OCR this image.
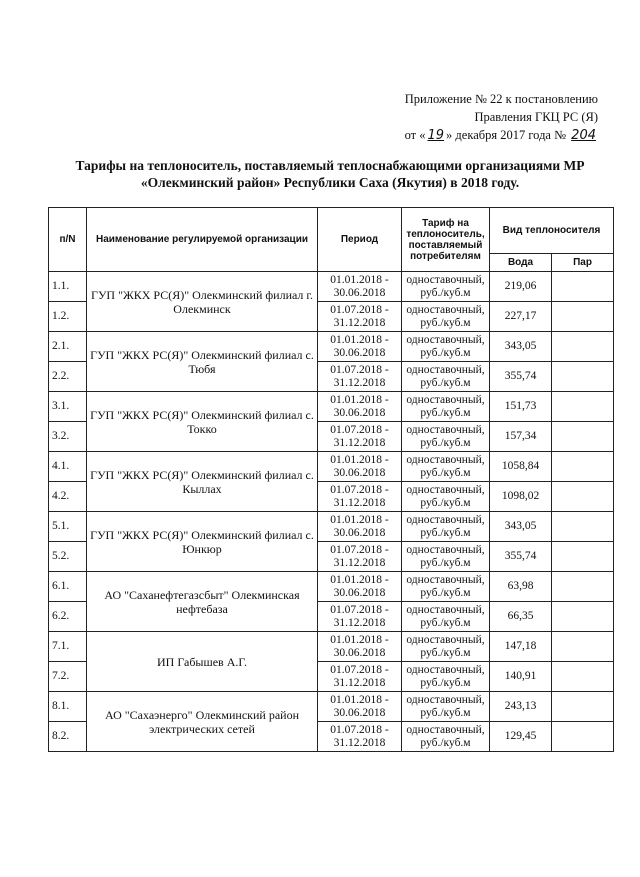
Приложение № 22 к постановлению
Правления ГКЦ РС (Я)
от « 19 » декабря 2017 года № 204
Тарифы на теплоноситель, поставляемый теплоснабжающими организациями МР
«Олекминский район» Республики Саха (Якутия) в 2018 году.
п/N	Наименование регулируемой организации	Период	Тариф на теплоноситель, поставляемый потребителям	Вид теплоносителя	
				Вода	Пар
1.1.	ГУП "ЖКХ РС(Я)" Олекминский филиал г. Олекминск	01.01.2018 - 30.06.2018	одноставочный, руб./куб.м	219,06	
1.2.		01.07.2018 - 31.12.2018	одноставочный, руб./куб.м	227,17	
2.1.	ГУП "ЖКХ РС(Я)" Олекминский филиал с. Тюбя	01.01.2018 - 30.06.2018	одноставочный, руб./куб.м	343,05	
2.2.		01.07.2018 - 31.12.2018	одноставочный, руб./куб.м	355,74	
3.1.	ГУП "ЖКХ РС(Я)" Олекминский филиал с. Токко	01.01.2018 - 30.06.2018	одноставочный, руб./куб.м	151,73	
3.2.		01.07.2018 - 31.12.2018	одноставочный, руб./куб.м	157,34	
4.1.	ГУП "ЖКХ РС(Я)" Олекминский филиал с. Кыллах	01.01.2018 - 30.06.2018	одноставочный, руб./куб.м	1058,84	
4.2.		01.07.2018 - 31.12.2018	одноставочный, руб./куб.м	1098,02	
5.1.	ГУП "ЖКХ РС(Я)" Олекминский филиал с. Юнкюр	01.01.2018 - 30.06.2018	одноставочный, руб./куб.м	343,05	
5.2.		01.07.2018 - 31.12.2018	одноставочный, руб./куб.м	355,74	
6.1.	АО "Саханефтегазсбыт" Олекминская нефтебаза	01.01.2018 - 30.06.2018	одноставочный, руб./куб.м	63,98	
6.2.		01.07.2018 - 31.12.2018	одноставочный, руб./куб.м	66,35	
7.1.	ИП Габышев А.Г.	01.01.2018 - 30.06.2018	одноставочный, руб./куб.м	147,18	
7.2.		01.07.2018 - 31.12.2018	одноставочный, руб./куб.м	140,91	
8.1.	АО "Сахаэнерго" Олекминский район электрических сетей	01.01.2018 - 30.06.2018	одноставочный, руб./куб.м	243,13	
8.2.		01.07.2018 - 31.12.2018	одноставочный, руб./куб.м	129,45	
